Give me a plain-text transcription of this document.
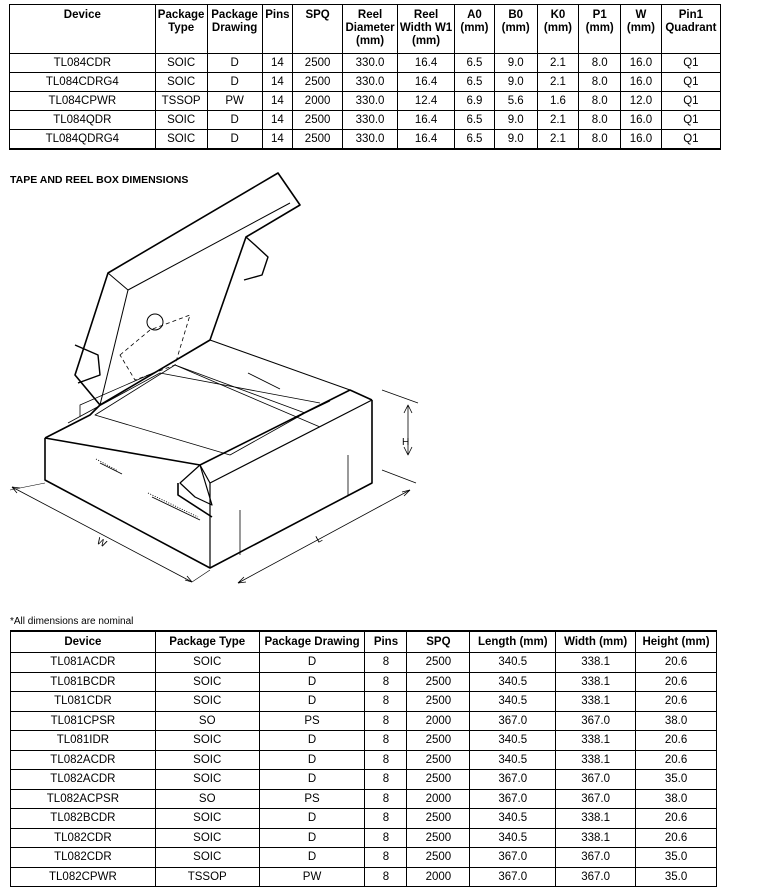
Device	Package Type	Package Drawing	Pins	SPQ	Reel Diameter (mm)	Reel Width W1 (mm)	A0 (mm)	B0 (mm)	K0 (mm)	P1 (mm)	W (mm)	Pin1 Quadrant
TL084CDR	SOIC	D	14	2500	330.0	16.4	6.5	9.0	2.1	8.0	16.0	Q1
TL084CDRG4	SOIC	D	14	2500	330.0	16.4	6.5	9.0	2.1	8.0	16.0	Q1
TL084CPWR	TSSOP	PW	14	2000	330.0	12.4	6.9	5.6	1.6	8.0	12.0	Q1
TL084QDR	SOIC	D	14	2500	330.0	16.4	6.5	9.0	2.1	8.0	16.0	Q1
TL084QDRG4	SOIC	D	14	2500	330.0	16.4	6.5	9.0	2.1	8.0	16.0	Q1
TAPE AND REEL BOX DIMENSIONS
H
W	L
*All dimensions are nominal
Device	Package Type	Package Drawing	Pins	SPQ	Length (mm)	Width (mm)	Height (mm)
TL081ACDR	SOIC	D	8	2500	340.5	338.1	20.6
TL081BCDR	SOIC	D	8	2500	340.5	338.1	20.6
TL081CDR	SOIC	D	8	2500	340.5	338.1	20.6
TL081CPSR	SO	PS	8	2000	367.0	367.0	38.0
TL081IDR	SOIC	D	8	2500	340.5	338.1	20.6
TL082ACDR	SOIC	D	8	2500	340.5	338.1	20.6
TL082ACDR	SOIC	D	8	2500	367.0	367.0	35.0
TL082ACPSR	SO	PS	8	2000	367.0	367.0	38.0
TL082BCDR	SOIC	D	8	2500	340.5	338.1	20.6
TL082CDR	SOIC	D	8	2500	340.5	338.1	20.6
TL082CDR	SOIC	D	8	2500	367.0	367.0	35.0
TL082CPWR	TSSOP	PW	8	2000	367.0	367.0	35.0
